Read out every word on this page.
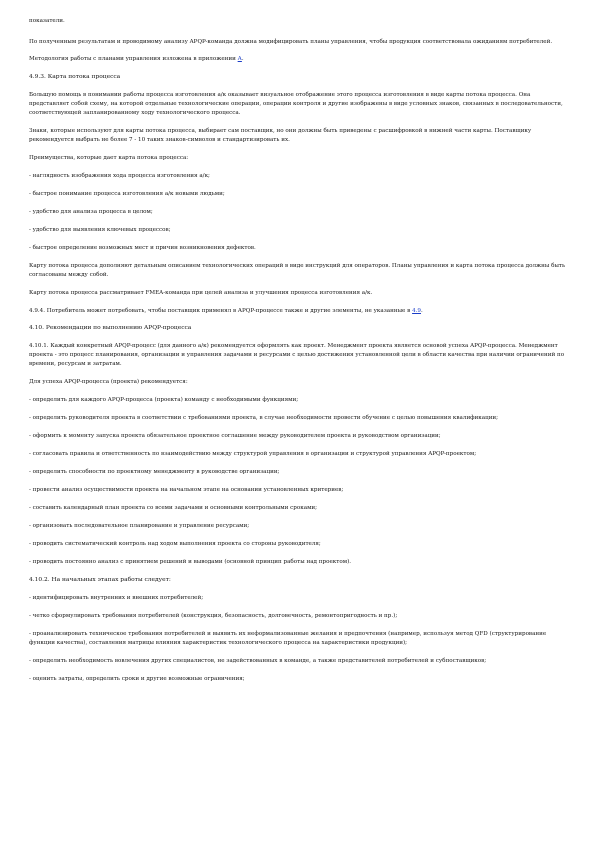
показатели.

По полученным результатам и проводимому анализу APQP-команда должна модифицировать планы управления, чтобы продукция соответствовала ожиданиям потребителей.

Методология работы с планами управления изложена в приложении А.

4.9.3. Карта потока процесса

Большую помощь в понимании работы процесса изготовления а/к оказывает визуальное отображение этого процесса изготовления в виде карты потока процесса. Она представляет собой схему, на которой отдельные технологические операции, операции контроля и другие изображены в виде условных знаков, связанных в последовательности, соответствующей запланированному ходу технологического процесса.

Знаки, которые используют для карты потока процесса, выбирает сам поставщик, но они должны быть приведены с расшифровкой в нижней части карты. Поставщику рекомендуется выбрать не более 7 - 10 таких знаков-символов и стандартизировать их.

Преимущества, которые дает карта потока процесса:

- наглядность изображения хода процесса изготовления а/к;

- быстрое понимание процесса изготовления а/к новыми людьми;

- удобство для анализа процесса в целом;

- удобство для выявления ключевых процессов;

- быстрое определение возможных мест и причин возникновения дефектов.

Карту потока процесса дополняют детальным описанием технологических операций в виде инструкций для операторов. Планы управления и карта потока процесса должны быть согласованы между собой.

Карту потока процесса рассматривает FMEA-команда при целей анализа и улучшения процесса изготовления а/к.

4.9.4. Потребитель может потребовать, чтобы поставщик применял в APQP-процессе также и другие элементы, не указанные в 4.9.

4.10. Рекомендации по выполнению APQP-процесса

4.10.1. Каждый конкретный APQP-процесс (для данного а/к) рекомендуется оформлять как проект. Менеджмент проекта является основой успеха APQP-процесса. Менеджмент проекта - это процесс планирования, организации и управления задачами и ресурсами с целью достижения установленной цели в области качества при наличии ограничений по времени, ресурсам и затратам.

Для успеха APQP-процесса (проекта) рекомендуется:

- определить для каждого APQP-процесса (проекта) команду с необходимыми функциями;

- определить руководителя проекта в соответствии с требованиями проекта, в случае необходимости провести обучение с целью повышения квалификации;

- оформить к моменту запуска проекта обязательное проектное соглашение между руководителем проекта и руководством организации;

- согласовать правила и ответственность по взаимодействию между структурой управления в организации и структурой управления APQP-проектом;

- определить способности по проектному менеджменту в руководстве организации;

- провести анализ осуществимости проекта на начальном этапе на основании установленных критериев;

- составить календарный план проекта со всеми задачами и основными контрольными сроками;

- организовать последовательное планирование и управление ресурсами;

- проводить систематический контроль над ходом выполнения проекта со стороны руководителя;

- проводить постоянно анализ с принятием решений и выводами (основной принцип работы над проектом).

4.10.2. На начальных этапах работы следует:

- идентифицировать внутренних и внешних потребителей;

- четко сформулировать требования потребителей (конструкция, безопасность, долговечность, ремонтопригодность и пр.);

- проанализировать техническое требования потребителей и выявить их неформализованные желания и предпочтения (например, используя метод QFD (структурирование функции качества), составления матрицы влияния характеристик технологического процесса на характеристики продукции);

- определить необходимость вовлечения других специалистов, не задействованных в команде, а также представителей потребителей и субпоставщиков;

- оценить затраты, определить сроки и другие возможные ограничения;
